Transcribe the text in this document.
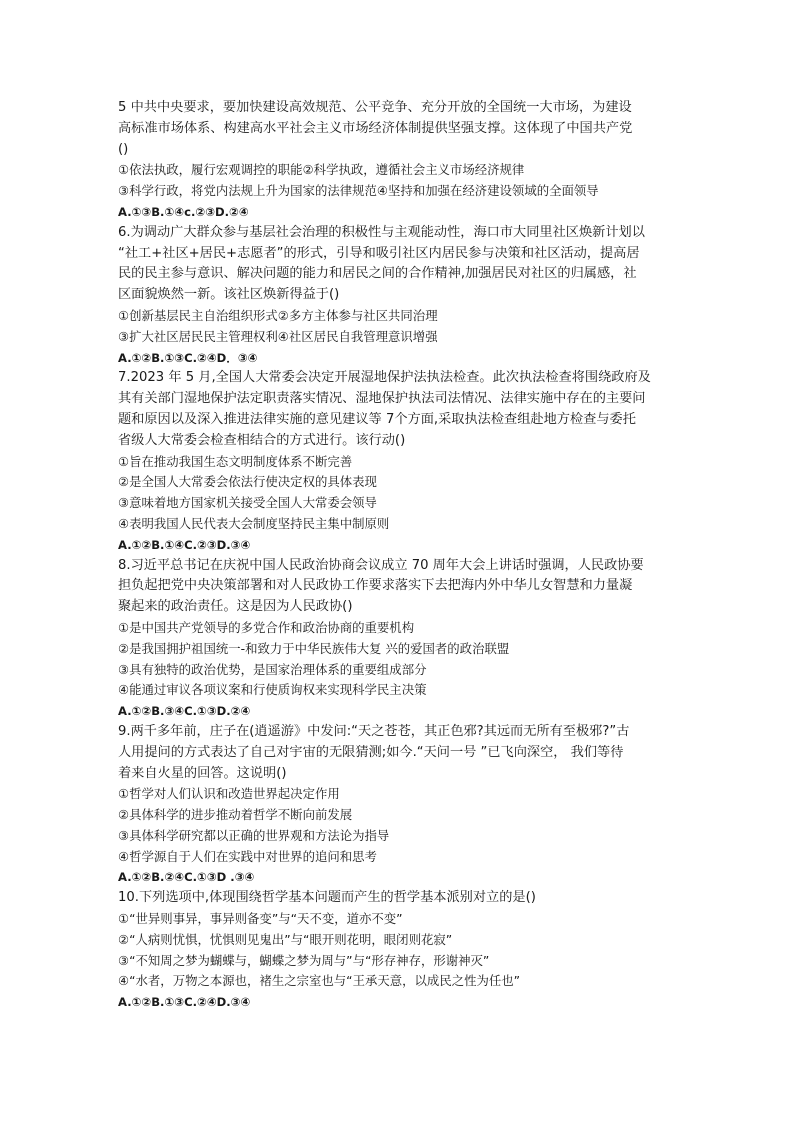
5 中共中央要求，要加快建设高效规范、公平竞争、充分开放的全国统一大市场，为建设
高标准市场体系、构建高水平社会主义市场经济体制提供坚强支撑。这体现了中国共产党
()
①依法执政，履行宏观调控的职能②科学执政，遵循社会主义市场经济规律
③科学行政，将党内法规上升为国家的法律规范④坚持和加强在经济建设领域的全面领导
A.①③B.①④c.②③D.②④
6.为调动广大群众参与基层社会治理的积极性与主观能动性，海口市大同里社区焕新计划以
“社工+社区+居民+志愿者”的形式，引导和吸引社区内居民参与决策和社区活动，提高居
民的民主参与意识、解决问题的能力和居民之间的合作精神,加强居民对社区的归属感，社
区面貌焕然一新。该社区焕新得益于()
①创新基层民主自治组织形式②多方主体参与社区共同治理
③扩大社区居民民主管理权利④社区居民自我管理意识增强
A.①②B.①③C.②④D．③④
7.2023 年 5 月,全国人大常委会决定开展湿地保护法执法检查。此次执法检查将围绕政府及
其有关部门湿地保护法定职责落实情况、湿地保护执法司法情况、法律实施中存在的主要问
题和原因以及深入推进法律实施的意见建议等 7个方面,采取执法检查组赴地方检查与委托
省级人大常委会检查相结合的方式进行。该行动()
①旨在推动我国生态文明制度体系不断完善
②是全国人大常委会依法行使决定权的具体表现
③意味着地方国家机关接受全国人大常委会领导
④表明我国人民代表大会制度坚持民主集中制原则
A.①②B.①④C.②③D.③④
8.习近平总书记在庆祝中国人民政治协商会议成立 70 周年大会上讲话时强调，人民政协要
担负起把党中央决策部署和对人民政协工作要求落实下去把海内外中华儿女智慧和力量凝
聚起来的政治责任。这是因为人民政协()
①是中国共产党领导的多党合作和政治协商的重要机构
②是我国拥护祖国统一-和致力于中华民族伟大复 兴的爱国者的政治联盟
③具有独特的政治优势，是国家治理体系的重要组成部分
④能通过审议各项议案和行使质询权来实现科学民主决策
A.①②B.③④C.①③D.②④
9.两千多年前，庄子在(逍遥游》中发问:“天之苍苍，其正色邪?其远而无所有至极邪?”古
人用提问的方式表达了自己对宇宙的无限猜测;如今.“天问一号 ”已飞向深空， 我们等待
着来自火星的回答。这说明()
①哲学对人们认识和改造世界起决定作用
②具体科学的进步推动着哲学不断向前发展
③具体科学研究都以正确的世界观和方法论为指导
④哲学源自于人们在实践中对世界的追问和思考
A.①②B.②④C.①③D .③④
10.下列选项中,体现围绕哲学基本问题而产生的哲学基本派别对立的是()
①“世异则事异，事异则备变”与“天不变，道亦不变”
②“人病则忧惧，忧惧则见鬼出”与“眼开则花明，眼闭则花寂”
③“不知周之梦为蝴蝶与，蝴蝶之梦为周与”与“形存神存，形谢神灭”
④“水者，万物之本源也，褚生之宗室也与“王承天意，以成民之性为任也”
A.①②B.①③C.②④D.③④
